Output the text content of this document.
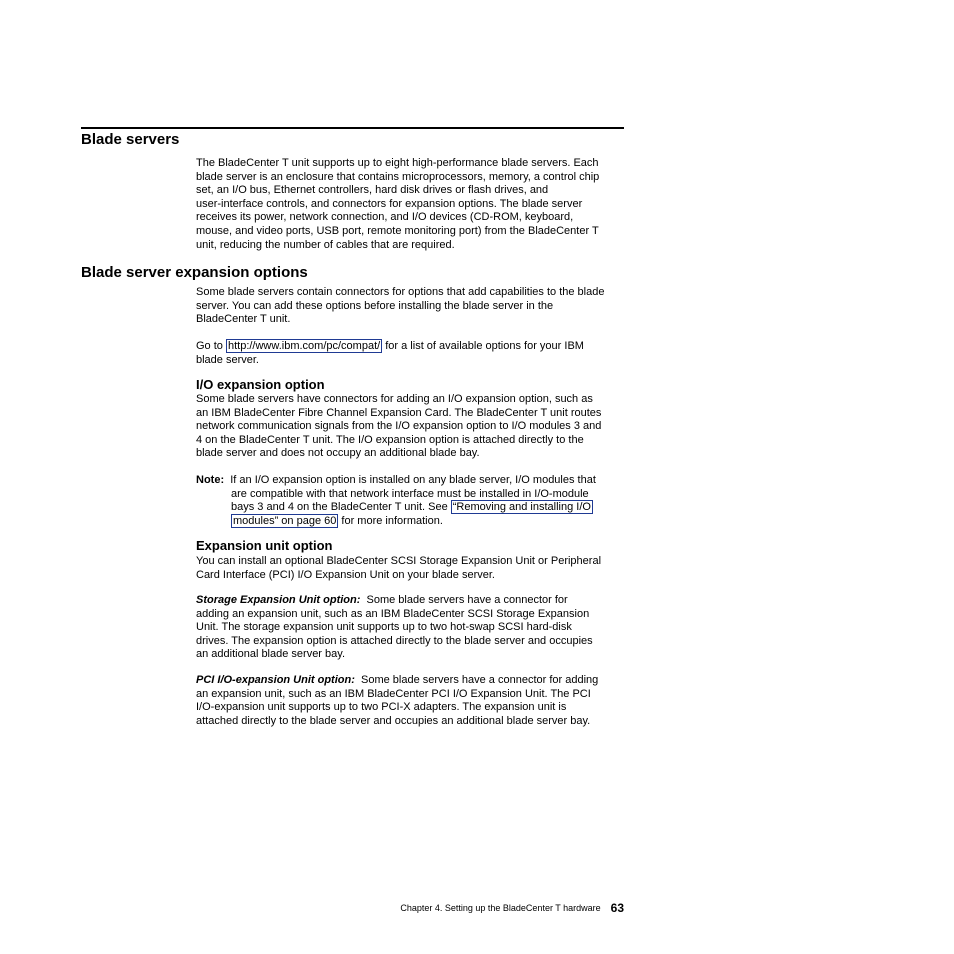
Blade servers

The BladeCenter T unit supports up to eight high-performance blade servers. Each
blade server is an enclosure that contains microprocessors, memory, a control chip
set, an I/O bus, Ethernet controllers, hard disk drives or flash drives, and
user-interface controls, and connectors for expansion options. The blade server
receives its power, network connection, and I/O devices (CD-ROM, keyboard,
mouse, and video ports, USB port, remote monitoring port) from the BladeCenter T
unit, reducing the number of cables that are required.

Blade server expansion options

Some blade servers contain connectors for options that add capabilities to the blade
server. You can add these options before installing the blade server in the
BladeCenter T unit.

Go to http://www.ibm.com/pc/compat/ for a list of available options for your IBM
blade server.

I/O expansion option

Some blade servers have connectors for adding an I/O expansion option, such as
an IBM BladeCenter Fibre Channel Expansion Card. The BladeCenter T unit routes
network communication signals from the I/O expansion option to I/O modules 3 and
4 on the BladeCenter T unit. The I/O expansion option is attached directly to the
blade server and does not occupy an additional blade bay.

Note: If an I/O expansion option is installed on any blade server, I/O modules that
are compatible with that network interface must be installed in I/O-module
bays 3 and 4 on the BladeCenter T unit. See “Removing and installing I/O
modules” on page 60 for more information.

Expansion unit option

You can install an optional BladeCenter SCSI Storage Expansion Unit or Peripheral
Card Interface (PCI) I/O Expansion Unit on your blade server.

Storage Expansion Unit option: Some blade servers have a connector for
adding an expansion unit, such as an IBM BladeCenter SCSI Storage Expansion
Unit. The storage expansion unit supports up to two hot-swap SCSI hard-disk
drives. The expansion option is attached directly to the blade server and occupies
an additional blade server bay.

PCI I/O-expansion Unit option: Some blade servers have a connector for adding
an expansion unit, such as an IBM BladeCenter PCI I/O Expansion Unit. The PCI
I/O-expansion unit supports up to two PCI-X adapters. The expansion unit is
attached directly to the blade server and occupies an additional blade server bay.

Chapter 4. Setting up the BladeCenter T hardware 63
